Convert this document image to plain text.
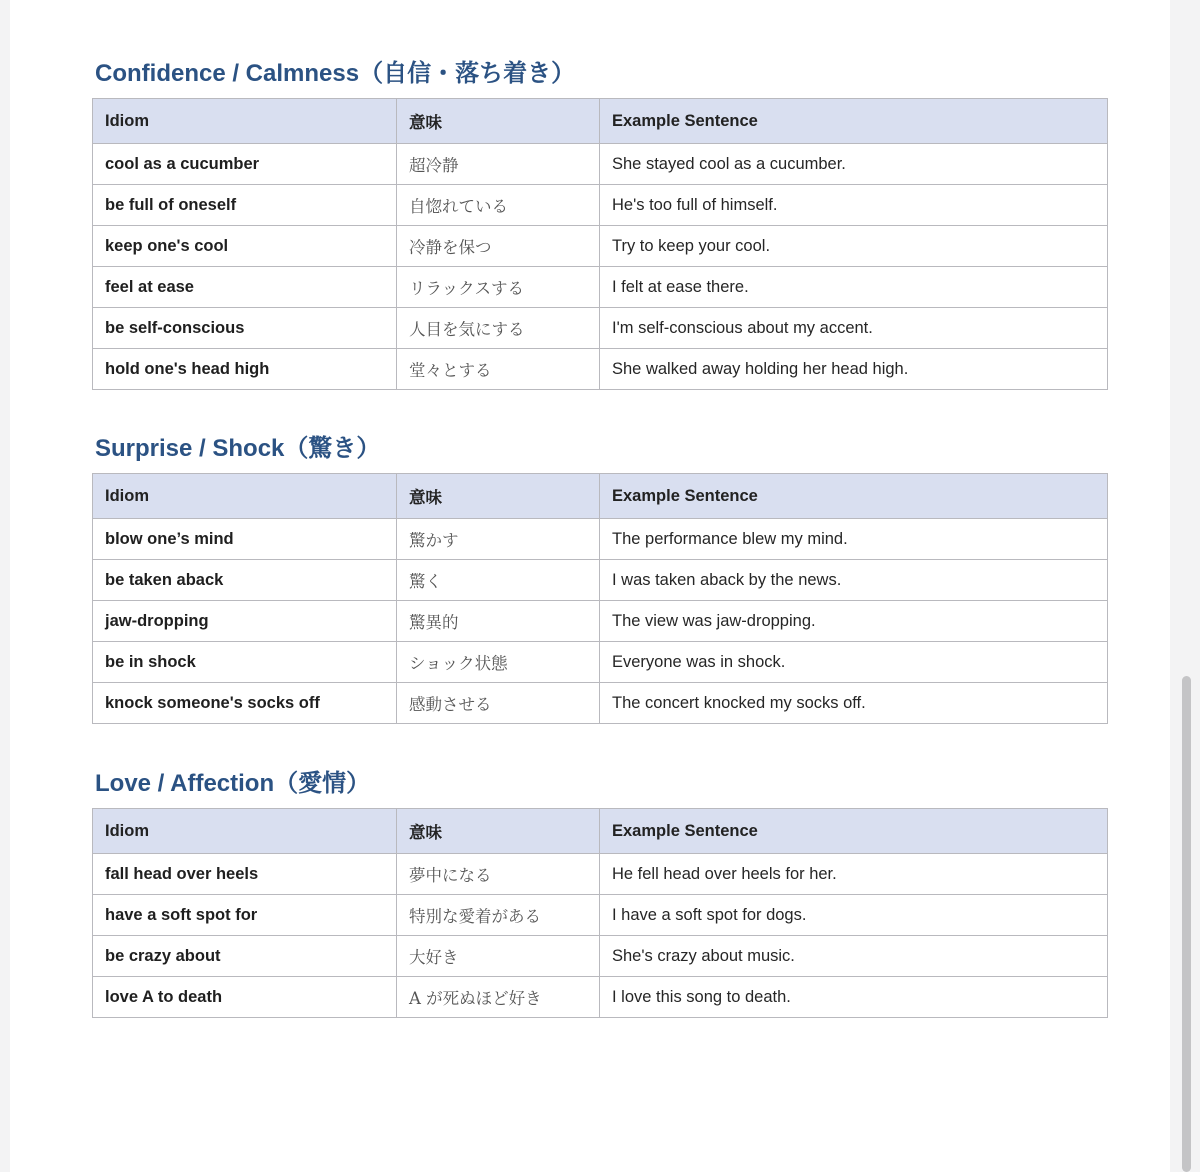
Confidence / Calmness（自信・落ち着き）
Idiom	意味	Example Sentence
cool as a cucumber	超冷静	She stayed cool as a cucumber.
be full of oneself	自惚れている	He's too full of himself.
keep one's cool	冷静を保つ	Try to keep your cool.
feel at ease	リラックスする	I felt at ease there.
be self-conscious	人目を気にする	I'm self-conscious about my accent.
hold one's head high	堂々とする	She walked away holding her head high.
Surprise / Shock（驚き）
Idiom	意味	Example Sentence
blow one’s mind	驚かす	The performance blew my mind.
be taken aback	驚く	I was taken aback by the news.
jaw-dropping	驚異的	The view was jaw-dropping.
be in shock	ショック状態	Everyone was in shock.
knock someone's socks off	感動させる	The concert knocked my socks off.
Love / Affection（愛情）
Idiom	意味	Example Sentence
fall head over heels	夢中になる	He fell head over heels for her.
have a soft spot for	特別な愛着がある	I have a soft spot for dogs.
be crazy about	大好き	She's crazy about music.
love A to death	A が死ぬほど好き	I love this song to death.
